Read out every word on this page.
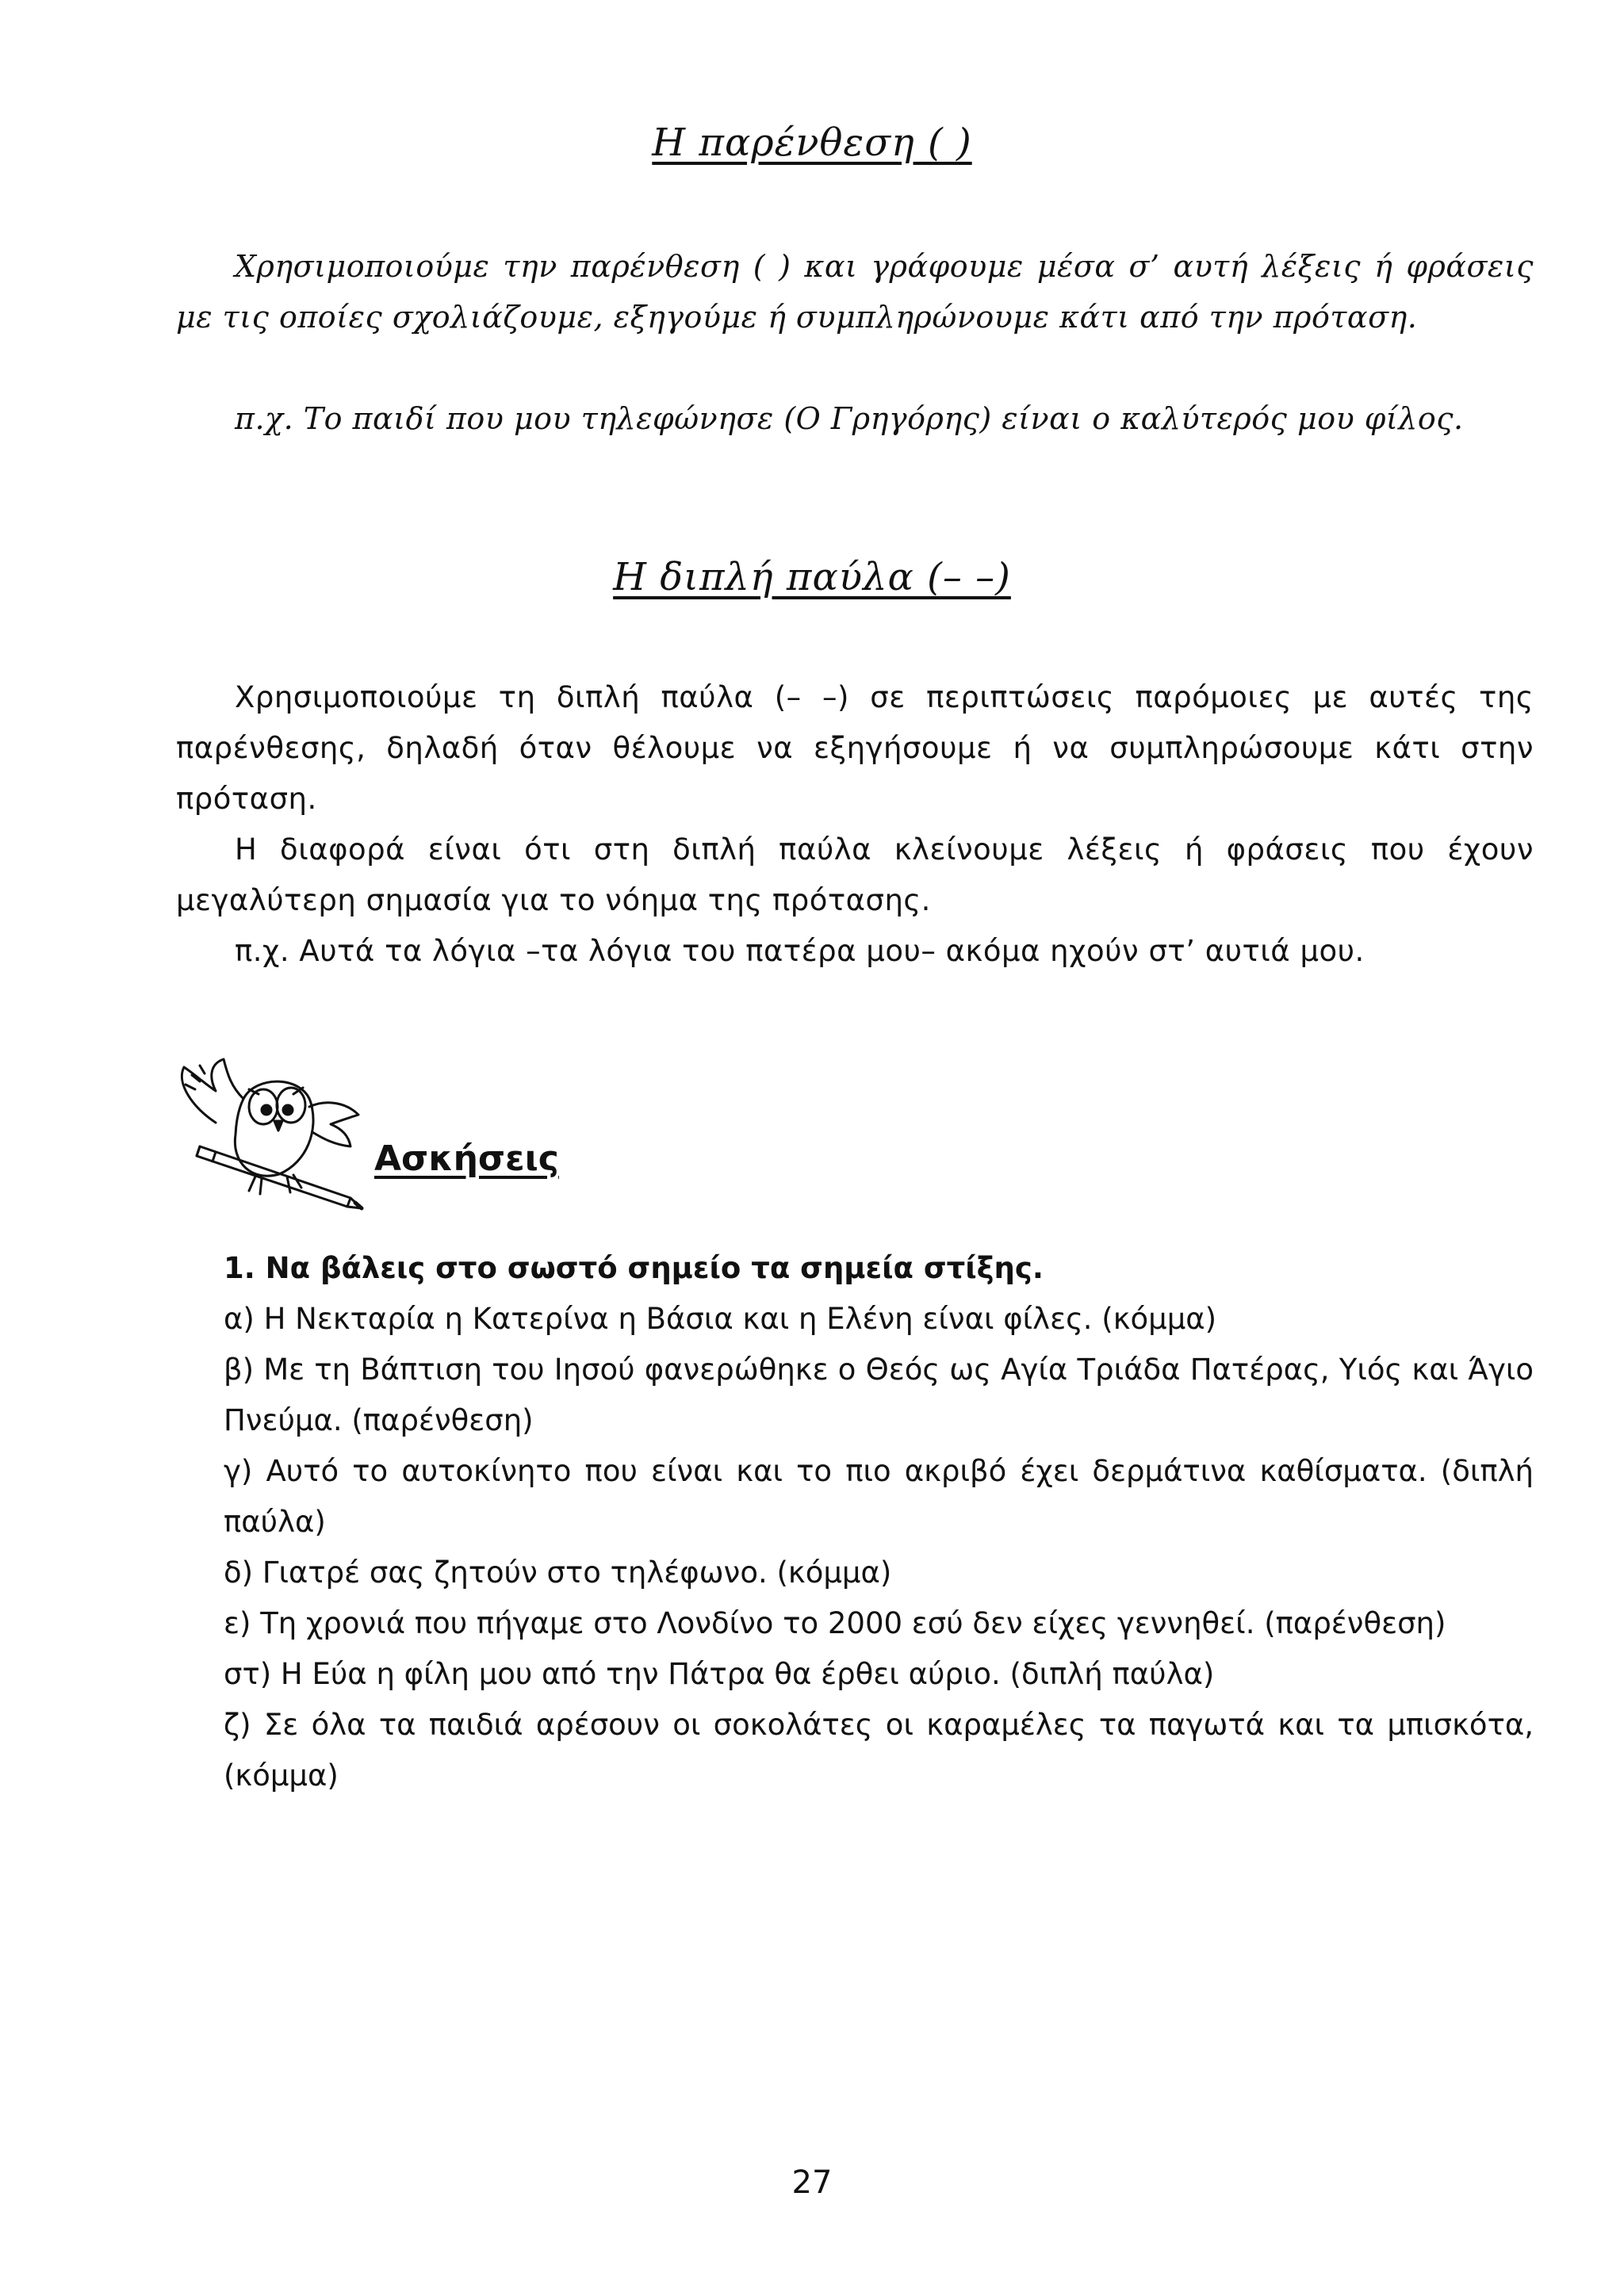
Η παρένθεση ( )
Χρησιμοποιούμε την παρένθεση ( ) και γράφουμε μέσα σ’ αυτή λέξεις ή φράσεις με τις οποίες σχολιάζουμε, εξηγούμε ή συμπληρώνουμε κάτι από την πρόταση.
π.χ. Το παιδί που μου τηλεφώνησε (Ο Γρηγόρης) είναι ο καλύτερός μου φίλος.
Η διπλή παύλα (– –)
Χρησιμοποιούμε τη διπλή παύλα (– –) σε περιπτώσεις παρόμοιες με αυτές της παρένθεσης, δηλαδή όταν θέλουμε να εξηγήσουμε ή να συμπληρώσουμε κάτι στην πρόταση.
Η διαφορά είναι ότι στη διπλή παύλα κλείνουμε λέξεις ή φράσεις που έχουν μεγαλύτερη σημασία για το νόημα της πρότασης.
π.χ. Αυτά τα λόγια –τα λόγια του πατέρα μου– ακόμα ηχούν στ’ αυτιά μου.
Ασκήσεις
1. Να βάλεις στο σωστό σημείο τα σημεία στίξης.
α) Η Νεκταρία η Κατερίνα η Βάσια και η Ελένη είναι φίλες. (κόμμα)
β) Με τη Βάπτιση του Ιησού φανερώθηκε ο Θεός ως Αγία Τριάδα Πατέρας, Υιός και Άγιο Πνεύμα. (παρένθεση)
γ) Αυτό το αυτοκίνητο που είναι και το πιο ακριβό έχει δερμάτινα καθίσματα. (διπλή παύλα)
δ) Γιατρέ σας ζητούν στο τηλέφωνο. (κόμμα)
ε) Τη χρονιά που πήγαμε στο Λονδίνο το 2000 εσύ δεν είχες γεννηθεί. (παρένθεση)
στ) Η Εύα η φίλη μου από την Πάτρα θα έρθει αύριο. (διπλή παύλα)
ζ) Σε όλα τα παιδιά αρέσουν οι σοκολάτες οι καραμέλες τα παγωτά και τα μπισκότα, (κόμμα)
27
